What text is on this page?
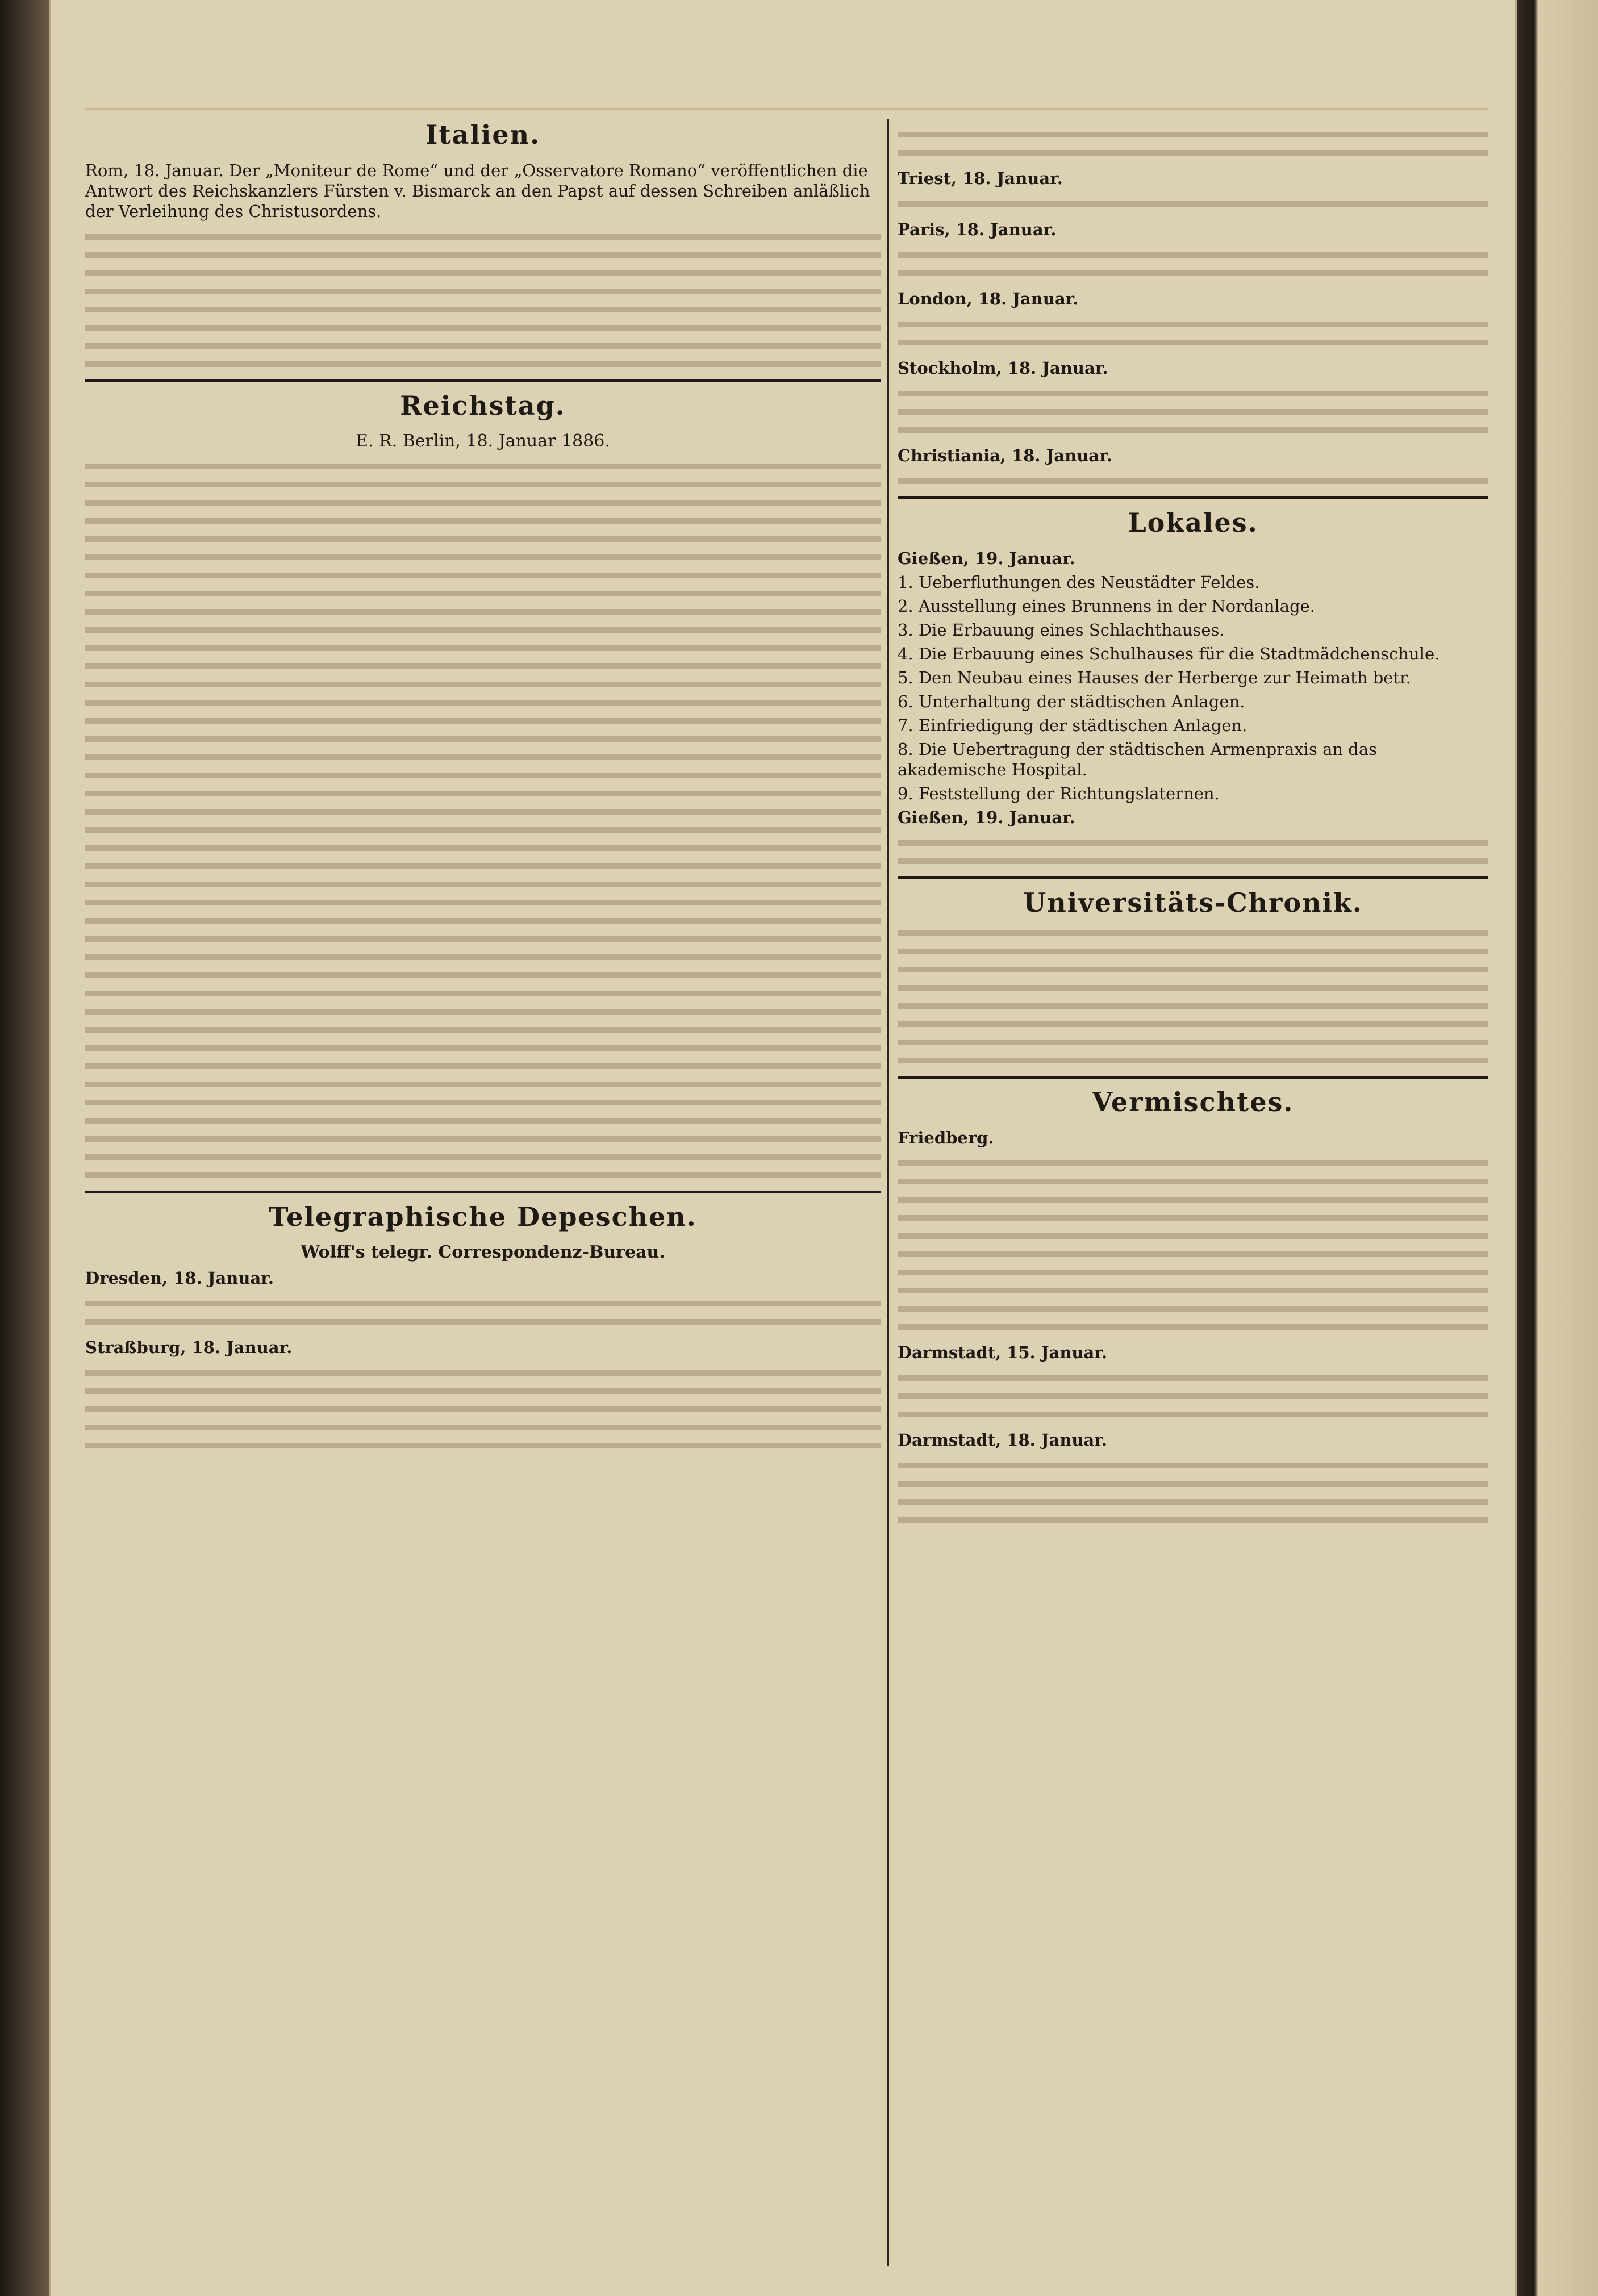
Italien.
Rom, 18. Januar. Der „Moniteur de Rome“ und der „Osservatore Romano“ veröffentlichen die Antwort des Reichskanzlers Fürsten v. Bismarck an den Papst auf dessen Schreiben anläßlich der Verleihung des Christusordens.
Reichstag.
E. R. Berlin, 18. Januar 1886.
Telegraphische Depeschen.
Wolff's telegr. Correspondenz-Bureau.
Dresden, 18. Januar.
Straßburg, 18. Januar.
Triest, 18. Januar.
Paris, 18. Januar.
London, 18. Januar.
Stockholm, 18. Januar.
Christiania, 18. Januar.
Lokales.
Gießen, 19. Januar.
1. Ueberfluthungen des Neustädter Feldes.
2. Ausstellung eines Brunnens in der Nordanlage.
3. Die Erbauung eines Schlachthauses.
4. Die Erbauung eines Schulhauses für die Stadtmädchenschule.
5. Den Neubau eines Hauses der Herberge zur Heimath betr.
6. Unterhaltung der städtischen Anlagen.
7. Einfriedigung der städtischen Anlagen.
8. Die Uebertragung der städtischen Armenpraxis an das akademische Hospital.
9. Feststellung der Richtungslaternen.
Gießen, 19. Januar.
Universitäts-Chronik.
Vermischtes.
Friedberg.
Darmstadt, 15. Januar.
Darmstadt, 18. Januar.
